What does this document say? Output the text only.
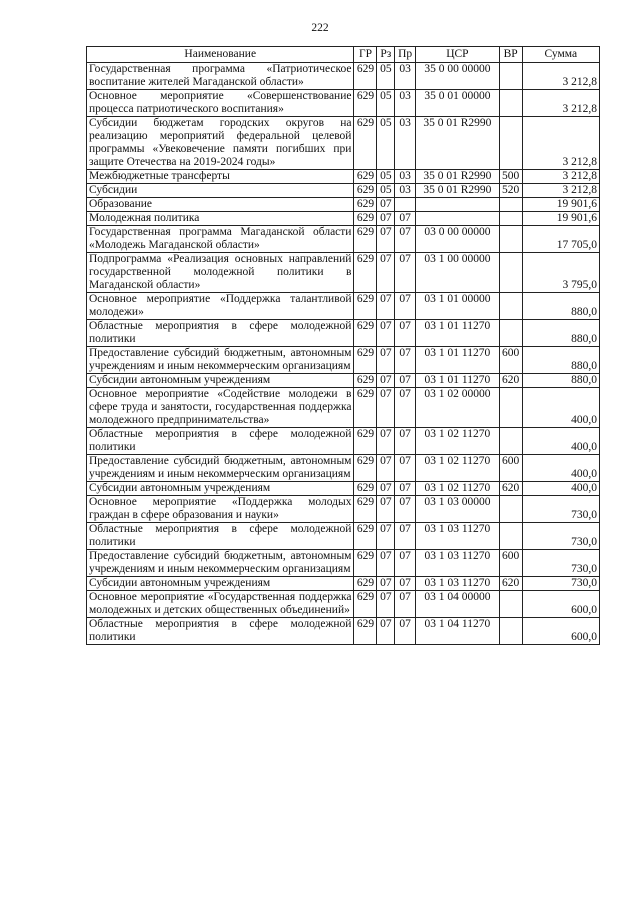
222
Наименование	ГР	Рз	Пр	ЦСР	ВР	Сумма
Государственная программа «Патриотическое воспитание жителей Магаданской области»	629	05	03	35 0 00 00000		3 212,8
Основное мероприятие «Совершенствование процесса патриотического воспитания»	629	05	03	35 0 01 00000		3 212,8
Субсидии бюджетам городских округов на реализацию мероприятий федеральной целевой программы «Увековечение памяти погибших при защите Отечества на 2019-2024 годы»	629	05	03	35 0 01 R2990		3 212,8
Межбюджетные трансферты	629	05	03	35 0 01 R2990	500	3 212,8
Субсидии	629	05	03	35 0 01 R2990	520	3 212,8
Образование	629	07				19 901,6
Молодежная политика	629	07	07			19 901,6
Государственная программа Магаданской области «Молодежь Магаданской области»	629	07	07	03 0 00 00000		17 705,0
Подпрограмма «Реализация основных направлений государственной молодежной политики в Магаданской области»	629	07	07	03 1 00 00000		3 795,0
Основное мероприятие «Поддержка талантливой молодежи»	629	07	07	03 1 01 00000		880,0
Областные мероприятия в сфере молодежной политики	629	07	07	03 1 01 11270		880,0
Предоставление субсидий бюджетным, автономным учреждениям и иным некоммерческим организациям	629	07	07	03 1 01 11270	600	880,0
Субсидии автономным учреждениям	629	07	07	03 1 01 11270	620	880,0
Основное мероприятие «Содействие молодежи в сфере труда и занятости, государственная поддержка молодежного предпринимательства»	629	07	07	03 1 02 00000		400,0
Областные мероприятия в сфере молодежной политики	629	07	07	03 1 02 11270		400,0
Предоставление субсидий бюджетным, автономным учреждениям и иным некоммерческим организациям	629	07	07	03 1 02 11270	600	400,0
Субсидии автономным учреждениям	629	07	07	03 1 02 11270	620	400,0
Основное мероприятие «Поддержка молодых граждан в сфере образования и науки»	629	07	07	03 1 03 00000		730,0
Областные мероприятия в сфере молодежной политики	629	07	07	03 1 03 11270		730,0
Предоставление субсидий бюджетным, автономным учреждениям и иным некоммерческим организациям	629	07	07	03 1 03 11270	600	730,0
Субсидии автономным учреждениям	629	07	07	03 1 03 11270	620	730,0
Основное мероприятие «Государственная поддержка молодежных и детских общественных объединений»	629	07	07	03 1 04 00000		600,0
Областные мероприятия в сфере молодежной политики	629	07	07	03 1 04 11270		600,0
